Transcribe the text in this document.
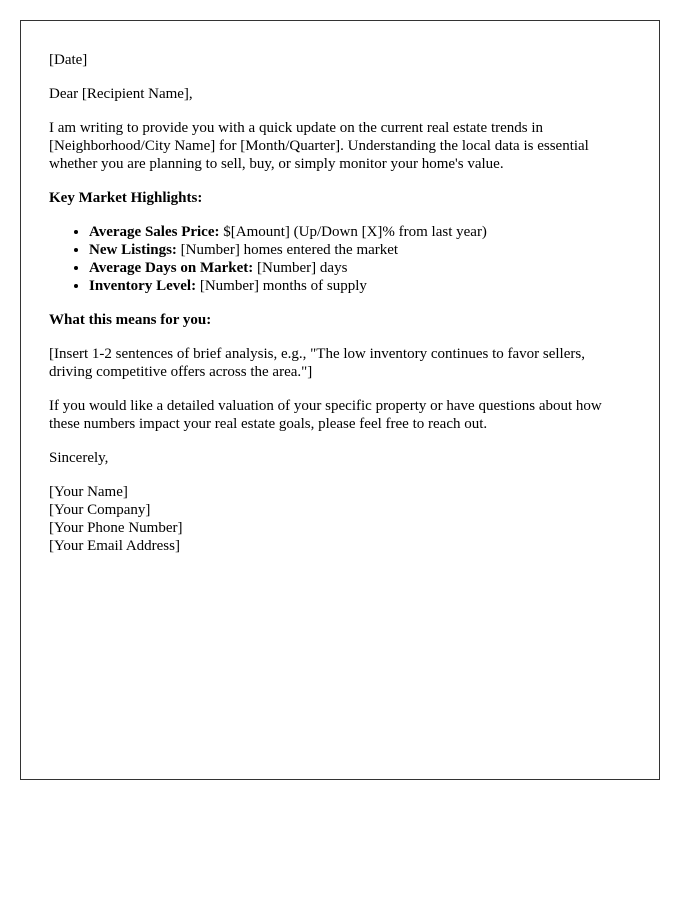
[Date]

Dear [Recipient Name],

I am writing to provide you with a quick update on the current real estate trends in [Neighborhood/City Name] for [Month/Quarter]. Understanding the local data is essential whether you are planning to sell, buy, or simply monitor your home's value.

Key Market Highlights:

• Average Sales Price: $[Amount] (Up/Down [X]% from last year)
• New Listings: [Number] homes entered the market
• Average Days on Market: [Number] days
• Inventory Level: [Number] months of supply

What this means for you:

[Insert 1-2 sentences of brief analysis, e.g., "The low inventory continues to favor sellers, driving competitive offers across the area."]

If you would like a detailed valuation of your specific property or have questions about how these numbers impact your real estate goals, please feel free to reach out.

Sincerely,

[Your Name]
[Your Company]
[Your Phone Number]
[Your Email Address]
